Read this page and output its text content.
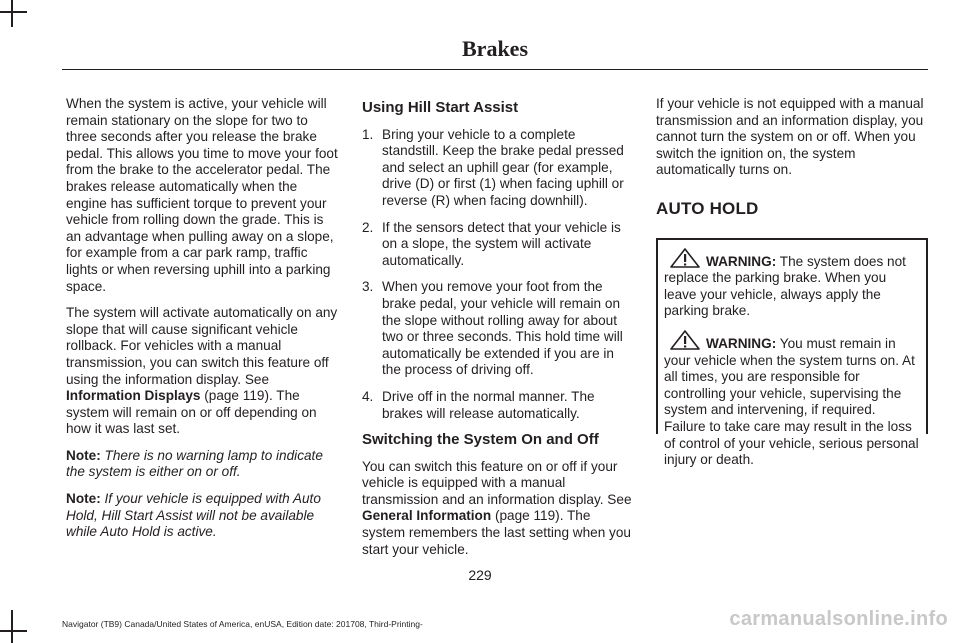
Brakes

When the system is active, your vehicle will remain stationary on the slope for two to three seconds after you release the brake pedal. This allows you time to move your foot from the brake to the accelerator pedal. The brakes release automatically when the engine has sufficient torque to prevent your vehicle from rolling down the grade. This is an advantage when pulling away on a slope, for example from a car park ramp, traffic lights or when reversing uphill into a parking space.

The system will activate automatically on any slope that will cause significant vehicle rollback. For vehicles with a manual transmission, you can switch this feature off using the information display. See Information Displays (page 119). The system will remain on or off depending on how it was last set.

Note: There is no warning lamp to indicate the system is either on or off.

Note: If your vehicle is equipped with Auto Hold, Hill Start Assist will not be available while Auto Hold is active.

Using Hill Start Assist
1. Bring your vehicle to a complete standstill. Keep the brake pedal pressed and select an uphill gear (for example, drive (D) or first (1) when facing uphill or reverse (R) when facing downhill).
2. If the sensors detect that your vehicle is on a slope, the system will activate automatically.
3. When you remove your foot from the brake pedal, your vehicle will remain on the slope without rolling away for about two or three seconds. This hold time will automatically be extended if you are in the process of driving off.
4. Drive off in the normal manner. The brakes will release automatically.
Switching the System On and Off

You can switch this feature on or off if your vehicle is equipped with a manual transmission and an information display. See General Information (page 119). The system remembers the last setting when you start your vehicle.

If your vehicle is not equipped with a manual transmission and an information display, you cannot turn the system on or off. When you switch the ignition on, the system automatically turns on.

AUTO HOLD

WARNING: The system does not replace the parking brake. When you leave your vehicle, always apply the parking brake.

WARNING: You must remain in your vehicle when the system turns on. At all times, you are responsible for controlling your vehicle, supervising the system and intervening, if required. Failure to take care may result in the loss of control of your vehicle, serious personal injury or death.

229
Navigator (TB9) Canada/United States of America, enUSA, Edition date: 201708, Third-Printing-	carmanualsonline.info
